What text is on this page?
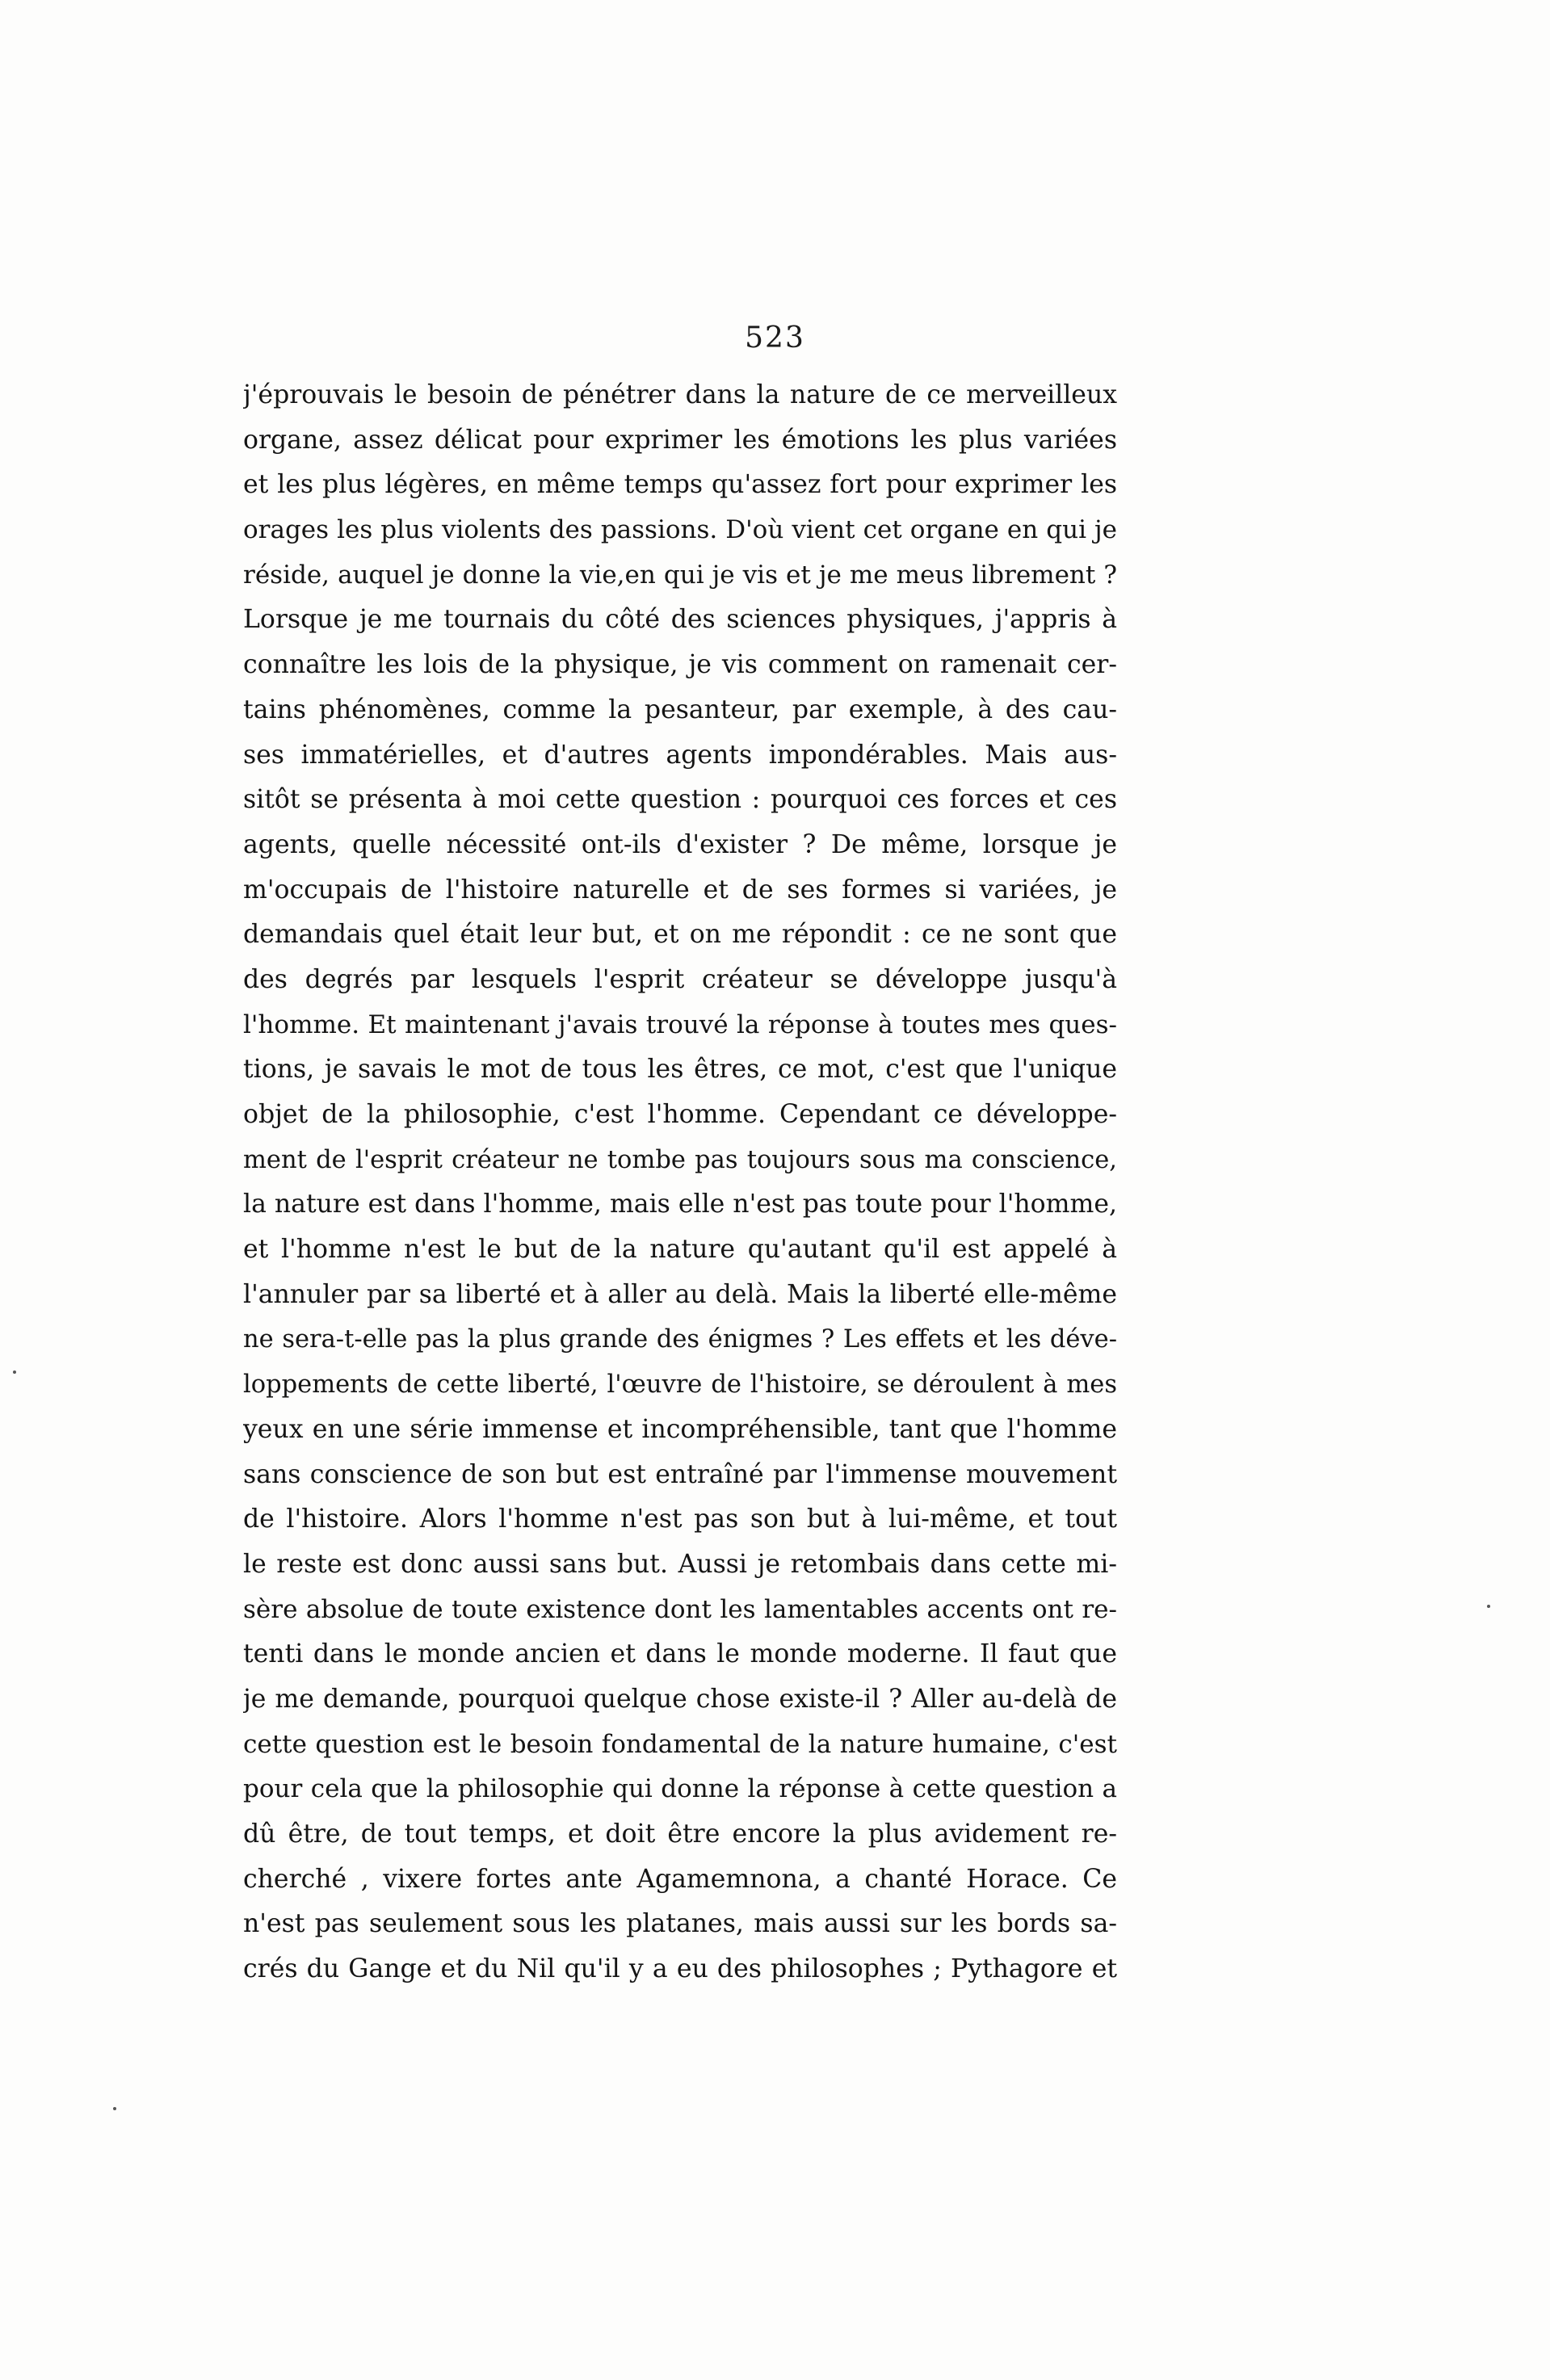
523
j'éprouvais le besoin de pénétrer dans la nature de ce merveilleux
organe, assez délicat pour exprimer les émotions les plus variées
et les plus légères, en même temps qu'assez fort pour exprimer les
orages les plus violents des passions. D'où vient cet organe en qui je
réside, auquel je donne la vie,en qui je vis et je me meus librement ?
Lorsque je me tournais du côté des sciences physiques, j'appris à
connaître les lois de la physique, je vis comment on ramenait cer-
tains phénomènes, comme la pesanteur, par exemple, à des cau-
ses immatérielles, et d'autres agents impondérables. Mais aus-
sitôt se présenta à moi cette question : pourquoi ces forces et ces
agents, quelle nécessité ont-ils d'exister ? De même, lorsque je
m'occupais de l'histoire naturelle et de ses formes si variées, je
demandais quel était leur but, et on me répondit : ce ne sont que
des degrés par lesquels l'esprit créateur se développe jusqu'à
l'homme. Et maintenant j'avais trouvé la réponse à toutes mes ques-
tions, je savais le mot de tous les êtres, ce mot, c'est que l'unique
objet de la philosophie, c'est l'homme. Cependant ce développe-
ment de l'esprit créateur ne tombe pas toujours sous ma conscience,
la nature est dans l'homme, mais elle n'est pas toute pour l'homme,
et l'homme n'est le but de la nature qu'autant qu'il est appelé à
l'annuler par sa liberté et à aller au delà. Mais la liberté elle-même
ne sera-t-elle pas la plus grande des énigmes ? Les effets et les déve-
loppements de cette liberté, l'œuvre de l'histoire, se déroulent à mes
yeux en une série immense et incompréhensible, tant que l'homme
sans conscience de son but est entraîné par l'immense mouvement
de l'histoire. Alors l'homme n'est pas son but à lui-même, et tout
le reste est donc aussi sans but. Aussi je retombais dans cette mi-
sère absolue de toute existence dont les lamentables accents ont re-
tenti dans le monde ancien et dans le monde moderne. Il faut que
je me demande, pourquoi quelque chose existe-il ? Aller au-delà de
cette question est le besoin fondamental de la nature humaine, c'est
pour cela que la philosophie qui donne la réponse à cette question a
dû être, de tout temps, et doit être encore la plus avidement re-
cherché , vixere fortes ante Agamemnona, a chanté Horace. Ce
n'est pas seulement sous les platanes, mais aussi sur les bords sa-
crés du Gange et du Nil qu'il y a eu des philosophes ; Pythagore et
